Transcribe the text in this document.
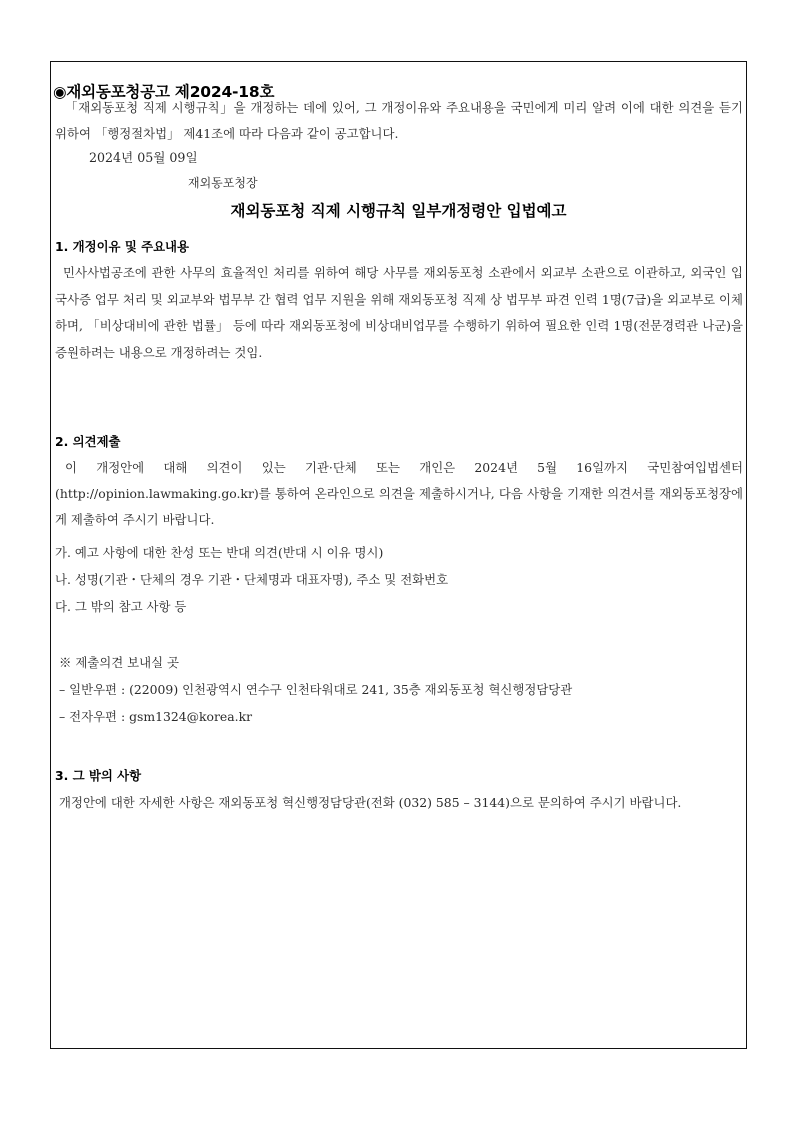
◉재외동포청공고 제2024-18호

「재외동포청 직제 시행규칙」을 개정하는 데에 있어, 그 개정이유와 주요내용을 국민에게 미리 알려 이에 대한 의견을 듣기 위하여 「행정절차법」 제41조에 따라 다음과 같이 공고합니다.

2024년 05월 09일

재외동포청장

재외동포청 직제 시행규칙 일부개정령안 입법예고
1. 개정이유 및 주요내용

민사사법공조에 관한 사무의 효율적인 처리를 위하여 해당 사무를 재외동포청 소관에서 외교부 소관으로 이관하고, 외국인 입국사증 업무 처리 및 외교부와 법무부 간 협력 업무 지원을 위해 재외동포청 직제 상 법무부 파견 인력 1명(7급)을 외교부로 이체하며, 「비상대비에 관한 법률」 등에 따라 재외동포청에 비상대비업무를 수행하기 위하여 필요한 인력 1명(전문경력관 나군)을 증원하려는 내용으로 개정하려는 것임.

2. 의견제출

이 개정안에 대해 의견이 있는 기관·단체 또는 개인은 2024년 5월 16일까지 국민참여입법센터 (http://opinion.lawmaking.go.kr)를 통하여 온라인으로 의견을 제출하시거나, 다음 사항을 기재한 의견서를 재외동포청장에게 제출하여 주시기 바랍니다.

가. 예고 사항에 대한 찬성 또는 반대 의견(반대 시 이유 명시)

나. 성명(기관・단체의 경우 기관・단체명과 대표자명), 주소 및 전화번호

다. 그 밖의 참고 사항 등

※ 제출의견 보내실 곳

– 일반우편 : (22009) 인천광역시 연수구 인천타워대로 241, 35층 재외동포청 혁신행정담당관

– 전자우편 : gsm1324@korea.kr

3. 그 밖의 사항

개정안에 대한 자세한 사항은 재외동포청 혁신행정담당관(전화 (032) 585 – 3144)으로 문의하여 주시기 바랍니다.
